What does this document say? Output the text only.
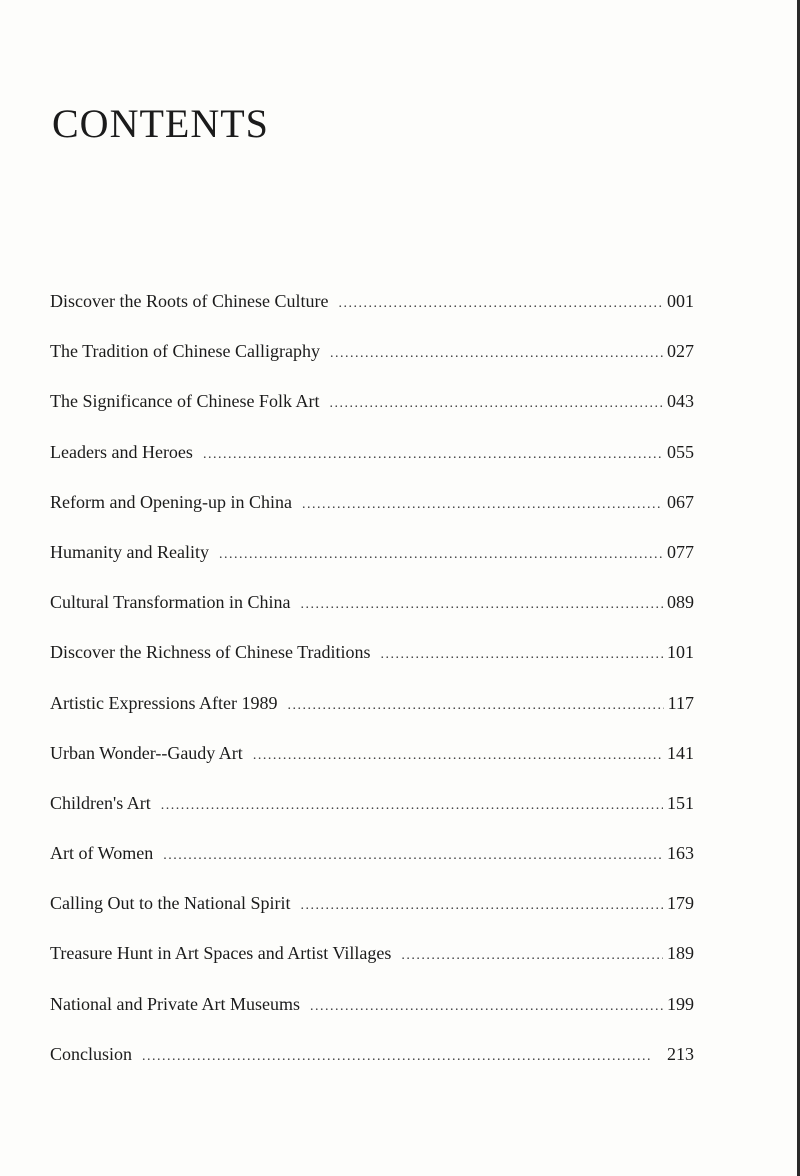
CONTENTS
Discover the Roots of Chinese Culture . . .	001
The Tradition of Chinese Calligraphy . . .	027
The Significance of Chinese Folk Art . . .	043
Leaders and Heroes . . .	055
Reform and Opening-up in China . . .	067
Humanity and Reality . . .	077
Cultural Transformation in China . . .	089
Discover the Richness of Chinese Traditions . . .	101
Artistic Expressions After 1989 . . .	117
Urban Wonder--Gaudy Art . . .	141
Children's Art . . .	151
Art of Women . . .	163
Calling Out to the National Spirit . . .	179
Treasure Hunt in Art Spaces and Artist Villages . . .	189
National and Private Art Museums . . .	199
Conclusion . . .	213
